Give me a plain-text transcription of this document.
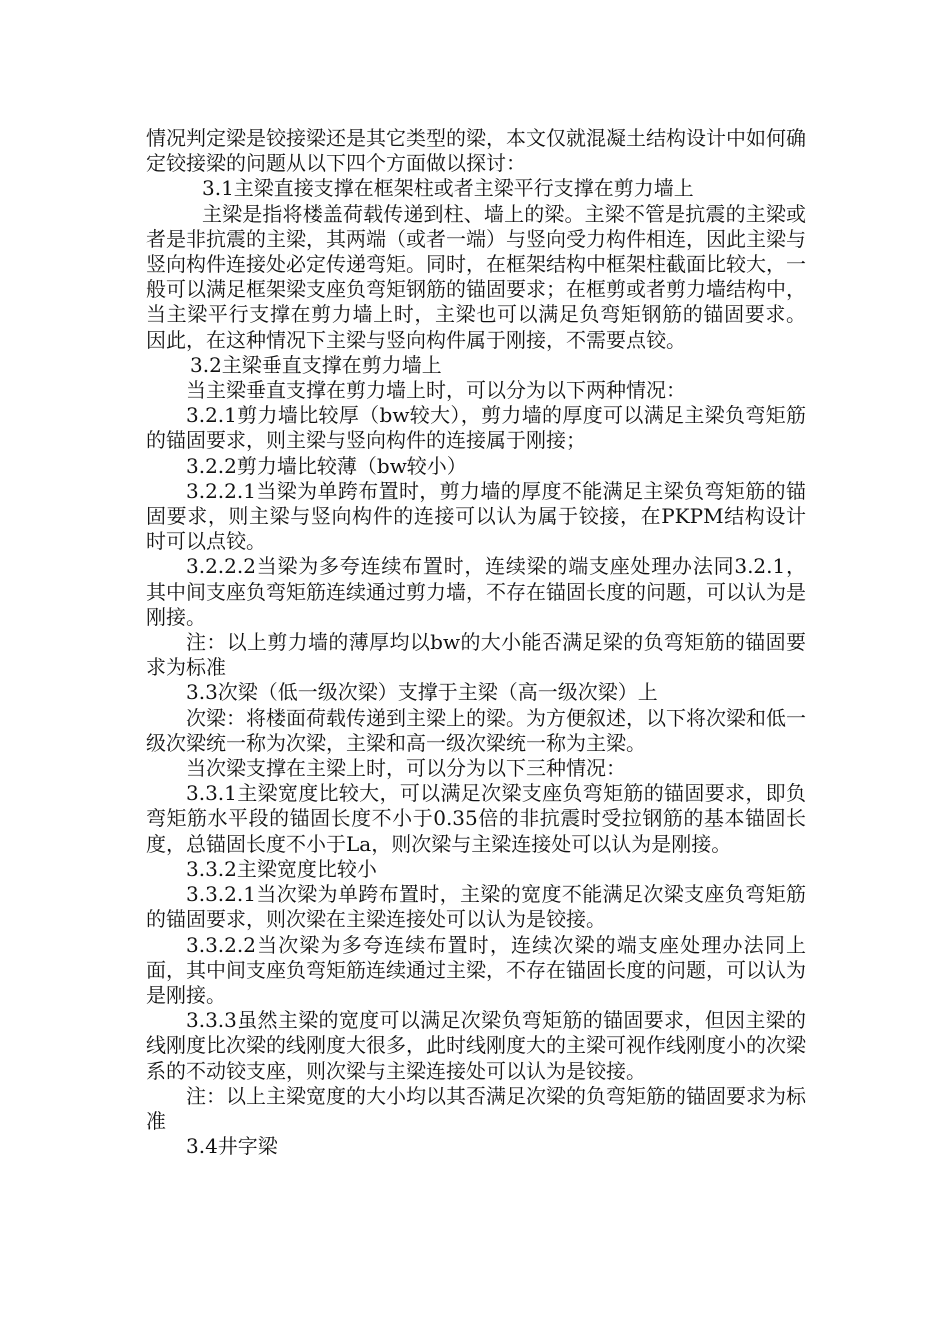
情况判定梁是铰接梁还是其它类型的梁，本文仅就混凝土结构设计中如何确定铰接梁的问题从以下四个方面做以探讨：

3.1主梁直接支撑在框架柱或者主梁平行支撑在剪力墙上

主梁是指将楼盖荷载传递到柱、墙上的梁。主梁不管是抗震的主梁或者是非抗震的主梁，其两端（或者一端）与竖向受力构件相连，因此主梁与竖向构件连接处必定传递弯矩。同时，在框架结构中框架柱截面比较大，一般可以满足框架梁支座负弯矩钢筋的锚固要求；在框剪或者剪力墙结构中，当主梁平行支撑在剪力墙上时，主梁也可以满足负弯矩钢筋的锚固要求。 因此，在这种情况下主梁与竖向构件属于刚接，不需要点铰。

3.2主梁垂直支撑在剪力墙上

当主梁垂直支撑在剪力墙上时，可以分为以下两种情况：

3.2.1剪力墙比较厚（bw较大），剪力墙的厚度可以满足主梁负弯矩筋的锚固要求，则主梁与竖向构件的连接属于刚接；

3.2.2剪力墙比较薄（bw较小）

3.2.2.1当梁为单跨布置时，剪力墙的厚度不能满足主梁负弯矩筋的锚固要求，则主梁与竖向构件的连接可以认为属于铰接，在PKPM结构设计时可以点铰。

3.2.2.2当梁为多夸连续布置时，连续梁的端支座处理办法同3.2.1，其中间支座负弯矩筋连续通过剪力墙，不存在锚固长度的问题，可以认为是刚接。

注：以上剪力墙的薄厚均以bw的大小能否满足梁的负弯矩筋的锚固要求为标准

3.3次梁（低一级次梁）支撑于主梁（高一级次梁）上

次梁：将楼面荷载传递到主梁上的梁。为方便叙述，以下将次梁和低一级次梁统一称为次梁，主梁和高一级次梁统一称为主梁。

当次梁支撑在主梁上时，可以分为以下三种情况：

3.3.1主梁宽度比较大，可以满足次梁支座负弯矩筋的锚固要求，即负弯矩筋水平段的锚固长度不小于0.35倍的非抗震时受拉钢筋的基本锚固长度，总锚固长度不小于La，则次梁与主梁连接处可以认为是刚接。

3.3.2主梁宽度比较小

3.3.2.1当次梁为单跨布置时，主梁的宽度不能满足次梁支座负弯矩筋的锚固要求，则次梁在主梁连接处可以认为是铰接。

3.3.2.2当次梁为多夸连续布置时，连续次梁的端支座处理办法同上面，其中间支座负弯矩筋连续通过主梁，不存在锚固长度的问题，可以认为是刚接。

3.3.3虽然主梁的宽度可以满足次梁负弯矩筋的锚固要求，但因主梁的线刚度比次梁的线刚度大很多，此时线刚度大的主梁可视作线刚度小的次梁系的不动铰支座，则次梁与主梁连接处可以认为是铰接。

注：以上主梁宽度的大小均以其否满足次梁的负弯矩筋的锚固要求为标准

3.4井字梁
